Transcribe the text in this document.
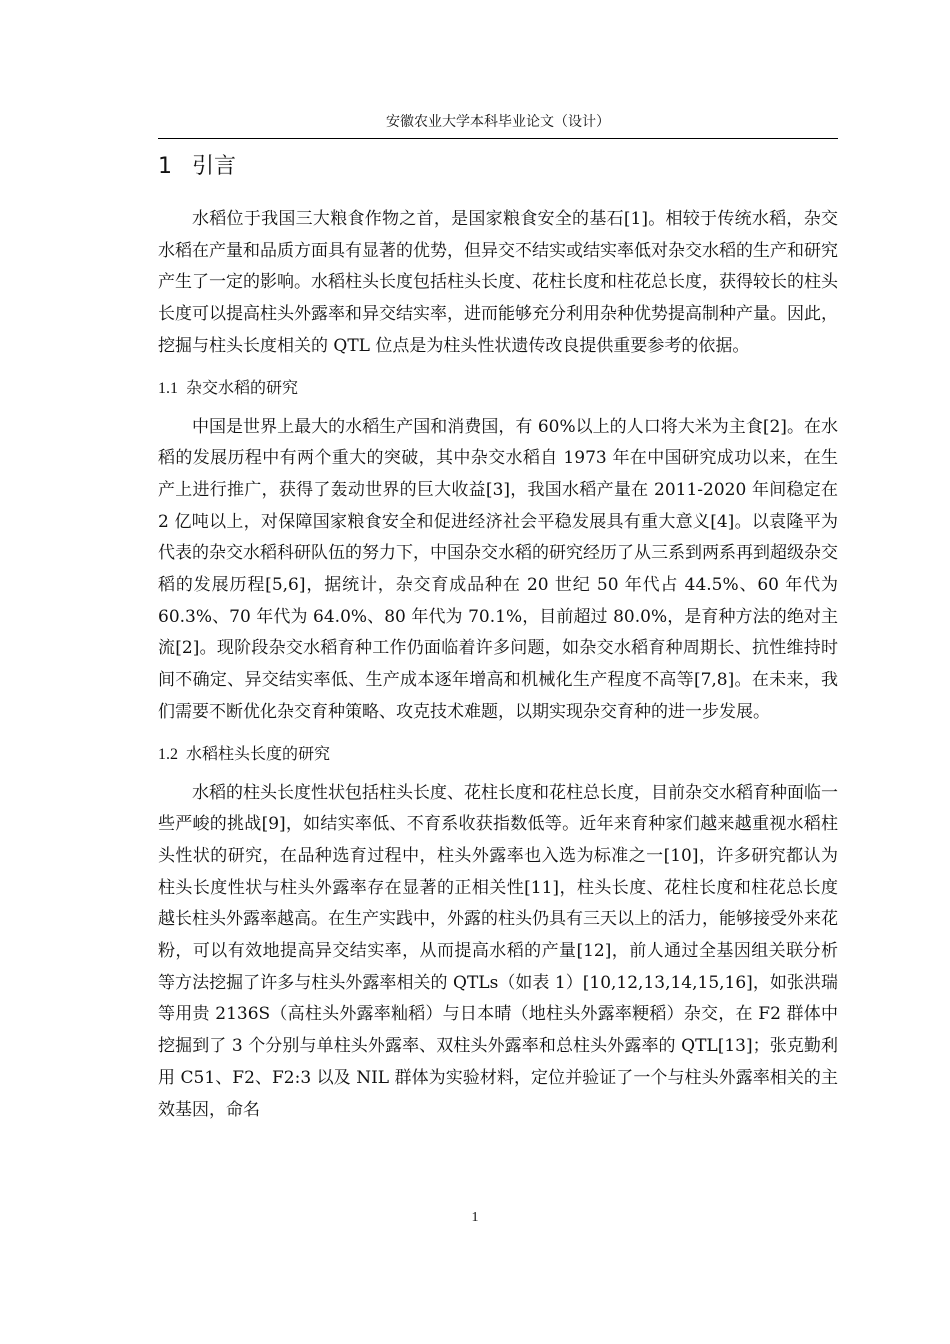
安徽农业大学本科毕业论文（设计）
1 引言

水稻位于我国三大粮食作物之首，是国家粮食安全的基石[1]。相较于传统水稻，杂交水稻在产量和品质方面具有显著的优势，但异交不结实或结实率低对杂交水稻的生产和研究产生了一定的影响。水稻柱头长度包括柱头长度、花柱长度和柱花总长度，获得较长的柱头长度可以提高柱头外露率和异交结实率，进而能够充分利用杂种优势提高制种产量。因此，挖掘与柱头长度相关的 QTL 位点是为柱头性状遗传改良提供重要参考的依据。

1.1 杂交水稻的研究

中国是世界上最大的水稻生产国和消费国，有 60%以上的人口将大米为主食[2]。在水稻的发展历程中有两个重大的突破，其中杂交水稻自 1973 年在中国研究成功以来，在生产上进行推广，获得了轰动世界的巨大收益[3]，我国水稻产量在 2011-2020 年间稳定在 2 亿吨以上，对保障国家粮食安全和促进经济社会平稳发展具有重大意义[4]。以袁隆平为代表的杂交水稻科研队伍的努力下，中国杂交水稻的研究经历了从三系到两系再到超级杂交稻的发展历程[5,6]，据统计，杂交育成品种在 20 世纪 50 年代占 44.5%、60 年代为 60.3%、70 年代为 64.0%、80 年代为 70.1%，目前超过 80.0%，是育种方法的绝对主流[2]。现阶段杂交水稻育种工作仍面临着许多问题，如杂交水稻育种周期长、抗性维持时间不确定、异交结实率低、生产成本逐年增高和机械化生产程度不高等[7,8]。在未来，我们需要不断优化杂交育种策略、攻克技术难题，以期实现杂交育种的进一步发展。

1.2 水稻柱头长度的研究

水稻的柱头长度性状包括柱头长度、花柱长度和花柱总长度，目前杂交水稻育种面临一些严峻的挑战[9]，如结实率低、不育系收获指数低等。近年来育种家们越来越重视水稻柱头性状的研究，在品种选育过程中，柱头外露率也入选为标准之一[10]，许多研究都认为柱头长度性状与柱头外露率存在显著的正相关性[11]，柱头长度、花柱长度和柱花总长度越长柱头外露率越高。在生产实践中，外露的柱头仍具有三天以上的活力，能够接受外来花粉，可以有效地提高异交结实率，从而提高水稻的产量[12]，前人通过全基因组关联分析等方法挖掘了许多与柱头外露率相关的 QTLs（如表 1）[10,12,13,14,15,16]，如张洪瑞等用贵 2136S（高柱头外露率籼稻）与日本晴（地柱头外露率粳稻）杂交，在 F2 群体中挖掘到了 3 个分别与单柱头外露率、双柱头外露率和总柱头外露率的 QTL[13]；张克勤利用 C51、F2、F2:3 以及 NIL 群体为实验材料，定位并验证了一个与柱头外露率相关的主效基因，命名

1
